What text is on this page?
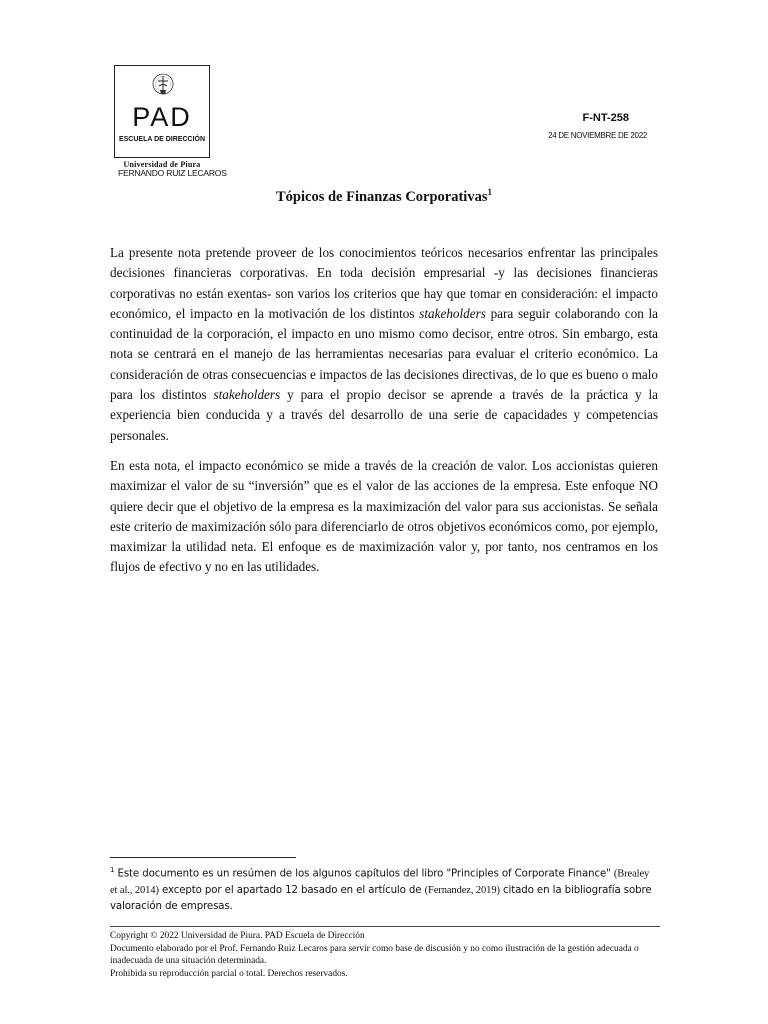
PAD
ESCUELA DE DIRECCIÓN
Universidad de Piura
F-NT-258
24 DE NOVIEMBRE DE 2022
FERNANDO RUIZ LECAROS
Tópicos de Finanzas Corporativas$^1$

La presente nota pretende proveer de los conocimientos teóricos necesarios enfrentar las principales decisiones financieras corporativas. En toda decisión empresarial -y las decisiones financieras corporativas no están exentas- son varios los criterios que hay que tomar en consideración: el impacto económico, el impacto en la motivación de los distintos stakeholders para seguir colaborando con la continuidad de la corporación, el impacto en uno mismo como decisor, entre otros. Sin embargo, esta nota se centrará en el manejo de las herramientas necesarias para evaluar el criterio económico. La consideración de otras consecuencias e impactos de las decisiones directivas, de lo que es bueno o malo para los distintos stakeholders y para el propio decisor se aprende a través de la práctica y la experiencia bien conducida y a través del desarrollo de una serie de capacidades y competencias personales.

En esta nota, el impacto económico se mide a través de la creación de valor. Los accionistas quieren maximizar el valor de su “inversión” que es el valor de las acciones de la empresa. Este enfoque NO quiere decir que el objetivo de la empresa es la maximización del valor para sus accionistas. Se señala este criterio de maximización sólo para diferenciarlo de otros objetivos económicos como, por ejemplo, maximizar la utilidad neta. El enfoque es de maximización valor y, por tanto, nos centramos en los flujos de efectivo y no en las utilidades.

$^1$ Este documento es un resúmen de los algunos capítulos del libro "Principles of Corporate Finance" (Brealey et al., 2014) excepto por el apartado 12 basado en el artículo de (Fernandez, 2019) citado en la bibliografía sobre valoración de empresas.
Copyright © 2022 Universidad de Piura. PAD Escuela de Dirección
Documento elaborado por el Prof. Fernando Ruiz Lecaros para servir como base de discusión y no como ilustración de la gestión adecuada o inadecuada de una situación determinada.
Prohibida su reproducción parcial o total. Derechos reservados.
